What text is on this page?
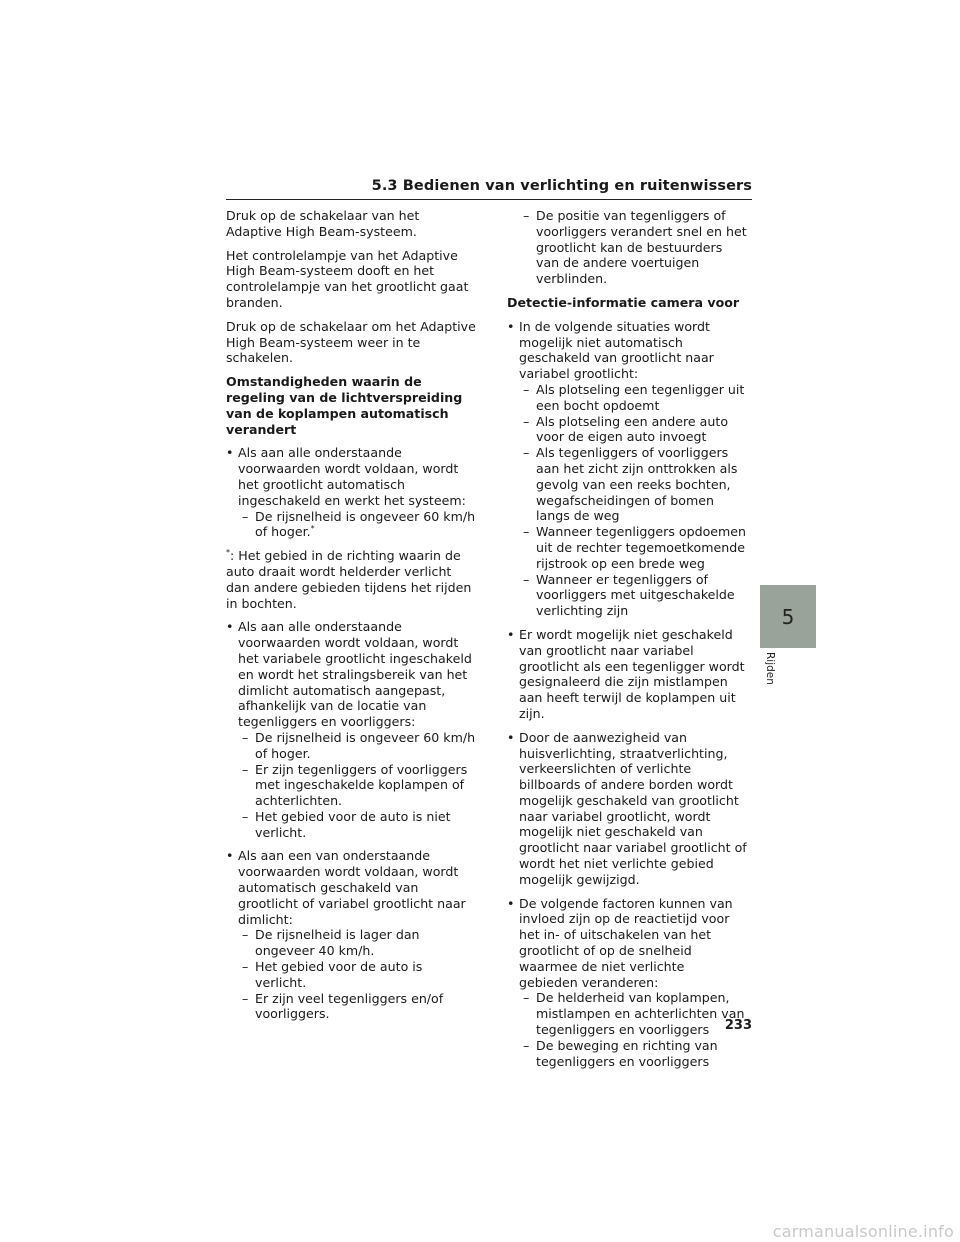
5.3 Bedienen van verlichting en ruitenwissers

Druk op de schakelaar van het Adaptive High Beam-systeem.

Het controlelampje van het Adaptive High Beam-systeem dooft en het controlelampje van het grootlicht gaat branden.

Druk op de schakelaar om het Adaptive High Beam-systeem weer in te schakelen.

Omstandigheden waarin de regeling van de lichtverspreiding van de koplampen automatisch verandert
• Als aan alle onderstaande voorwaarden wordt voldaan, wordt het grootlicht automatisch ingeschakeld en werkt het systeem:
– De rijsnelheid is ongeveer 60 km/h of hoger.*

*: Het gebied in de richting waarin de auto draait wordt helderder verlicht dan andere gebieden tijdens het rijden in bochten.

• Als aan alle onderstaande voorwaarden wordt voldaan, wordt het variabele grootlicht ingeschakeld en wordt het stralingsbereik van het dimlicht automatisch aangepast, afhankelijk van de locatie van tegenliggers en voorliggers:
– De rijsnelheid is ongeveer 60 km/h of hoger.
– Er zijn tegenliggers of voorliggers met ingeschakelde koplampen of achterlichten.
– Het gebied voor de auto is niet verlicht.
• Als aan een van onderstaande voorwaarden wordt voldaan, wordt automatisch geschakeld van grootlicht of variabel grootlicht naar dimlicht:
– De rijsnelheid is lager dan ongeveer 40 km/h.
– Het gebied voor de auto is verlicht.
– Er zijn veel tegenliggers en/of voorliggers.
– De positie van tegenliggers of voorliggers verandert snel en het grootlicht kan de bestuurders van de andere voertuigen verblinden.
Detectie-informatie camera voor
• In de volgende situaties wordt mogelijk niet automatisch geschakeld van grootlicht naar variabel grootlicht:
– Als plotseling een tegenligger uit een bocht opdoemt
– Als plotseling een andere auto voor de eigen auto invoegt
– Als tegenliggers of voorliggers aan het zicht zijn onttrokken als gevolg van een reeks bochten, wegafscheidingen of bomen langs de weg
– Wanneer tegenliggers opdoemen uit de rechter tegemoetkomende rijstrook op een brede weg
– Wanneer er tegenliggers of voorliggers met uitgeschakelde verlichting zijn
• Er wordt mogelijk niet geschakeld van grootlicht naar variabel grootlicht als een tegenligger wordt gesignaleerd die zijn mistlampen aan heeft terwijl de koplampen uit zijn.
• Door de aanwezigheid van huisverlichting, straatverlichting, verkeerslichten of verlichte billboards of andere borden wordt mogelijk geschakeld van grootlicht naar variabel grootlicht, wordt mogelijk niet geschakeld van grootlicht naar variabel grootlicht of wordt het niet verlichte gebied mogelijk gewijzigd.
• De volgende factoren kunnen van invloed zijn op de reactietijd voor het in- of uitschakelen van het grootlicht of op de snelheid waarmee de niet verlichte gebieden veranderen:
– De helderheid van koplampen, mistlampen en achterlichten van tegenliggers en voorliggers
– De beweging en richting van tegenliggers en voorliggers
5
Rijden
233
carmanualsonline.info
